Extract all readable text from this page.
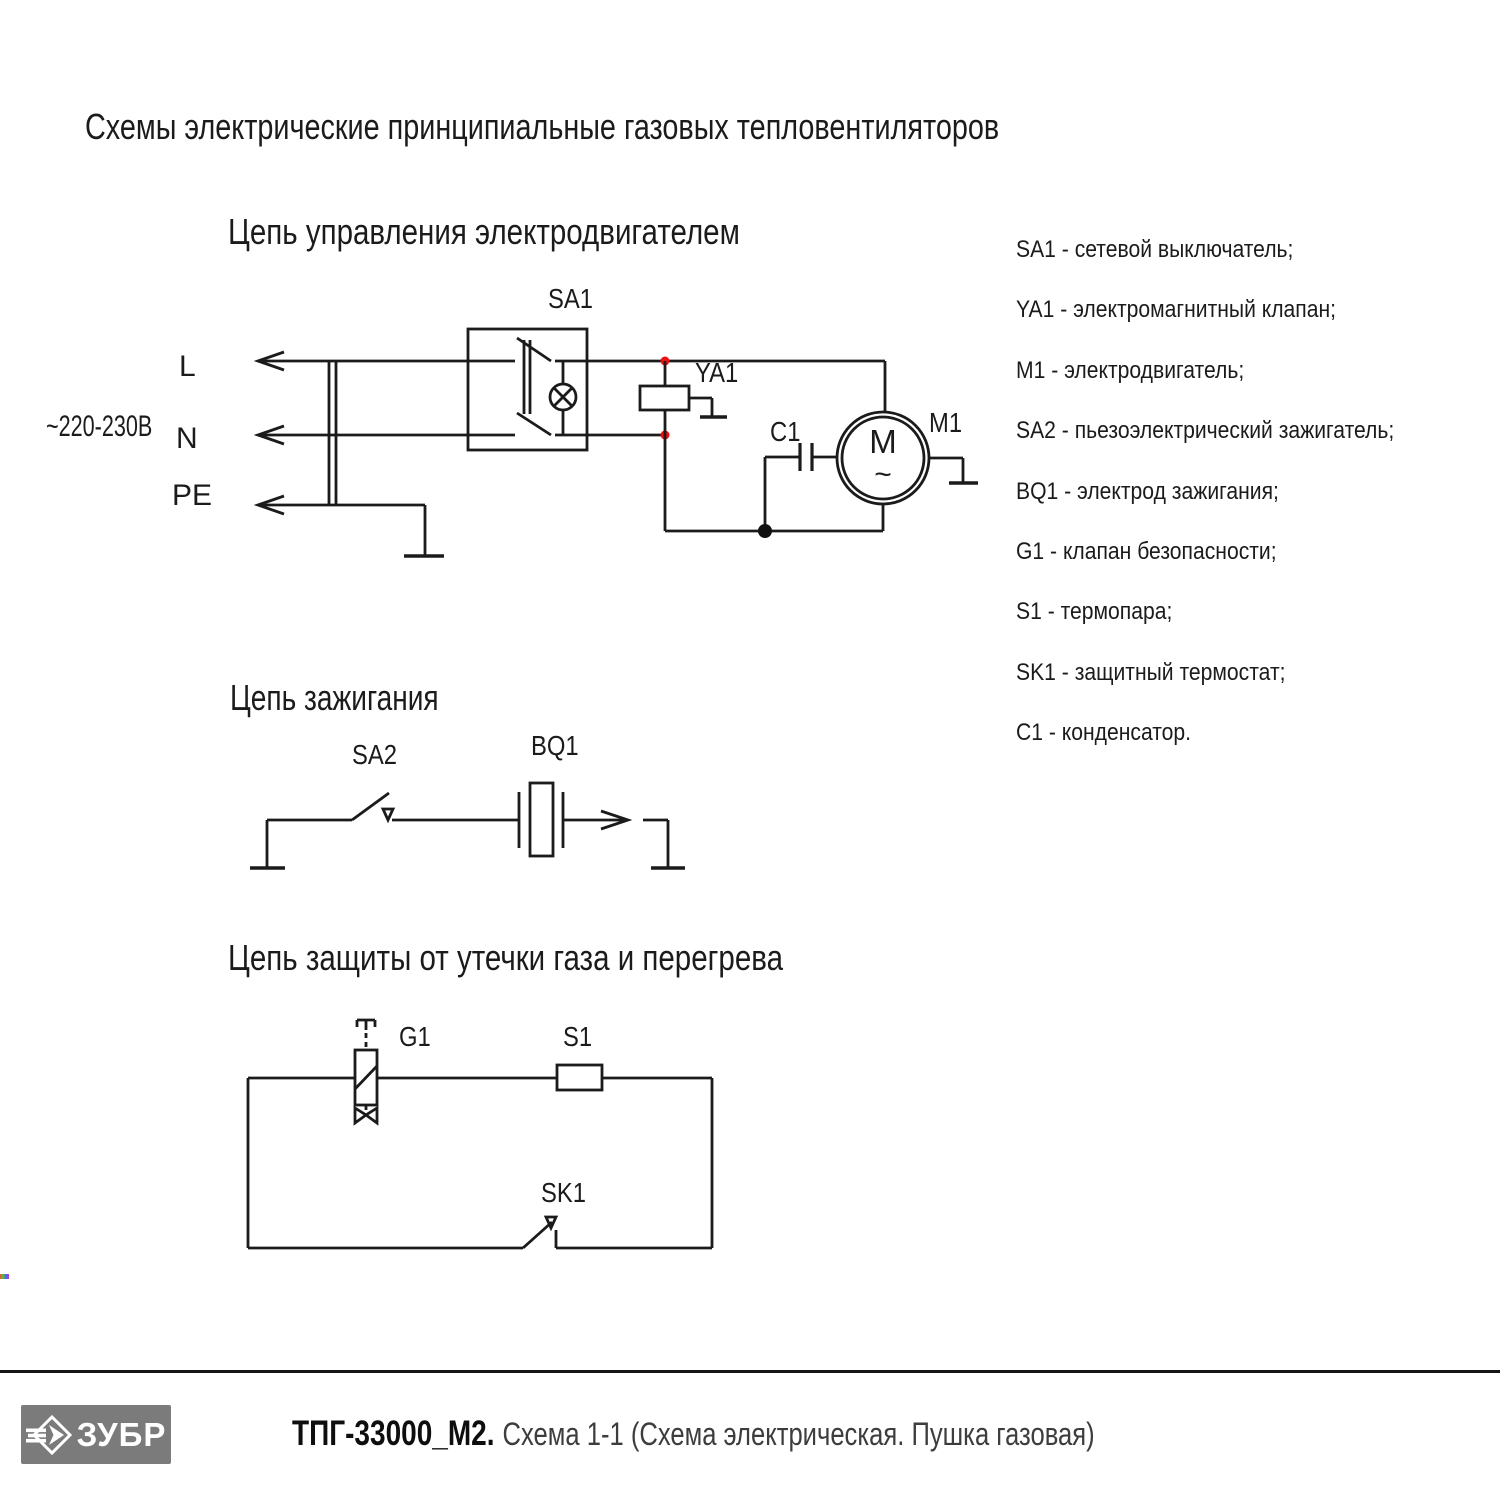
Схемы электрические принципиальные газовых тепловентиляторов
Цепь управления электродвигателем
~220-230В
L
N
PE
SA1
YA1
C1	M1
M
~
Цепь зажигания
SA2	BQ1
Цепь защиты от утечки газа и перегрева
G1	S1
SK1
SA1 - сетевой выключатель;
YA1 - электромагнитный клапан;
M1 - электродвигатель;
SA2 - пьезоэлектрический зажигатель;
BQ1 - электрод зажигания;
G1 - клапан безопасности;
S1 - термопара;
SK1 - защитный термостат;
C1 - конденсатор.
ЗУБР	ТПГ-33000_М2. Схема 1-1 (Схема электрическая. Пушка газовая)
